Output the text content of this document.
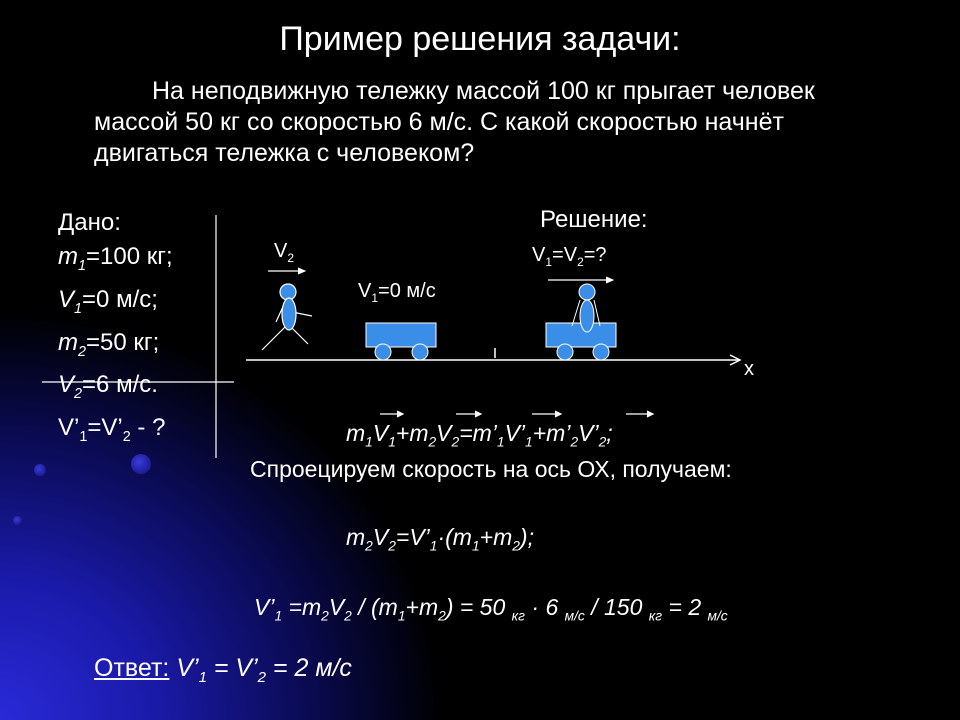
Пример решения задачи:
На неподвижную тележку массой 100 кг прыгает человек
массой 50 кг со скоростью 6 м/с. С какой скоростью начнёт
двигаться тележка с человеком?
Дано:
$m_1=100$ кг;
$V_1=0$ м/с;
$m_2=50$ кг;
$V_2=6$ м/с.
$V’_1=V’_2$ - ?
Решение:
$V_2$
$V_1=0$ м/с
$V_1=V_2=$?
x
$m_1V_1+m_2V_2=m’_1V’_1+m’_2V’_2$;
Спроецируем скорость на ось ОХ, получаем:
$m_2V_2=V’_1\cdot(m_1+m_2)$;
$V’_1 =m_2V_2 / (m_1+m_2) = 50$ $_{кг}$ · 6 $_{м/с}$ / 150 $_{кг}$ = 2 $_{м/с}$
Ответ: $V’_1$ = $V’_2 = 2$ м/с
